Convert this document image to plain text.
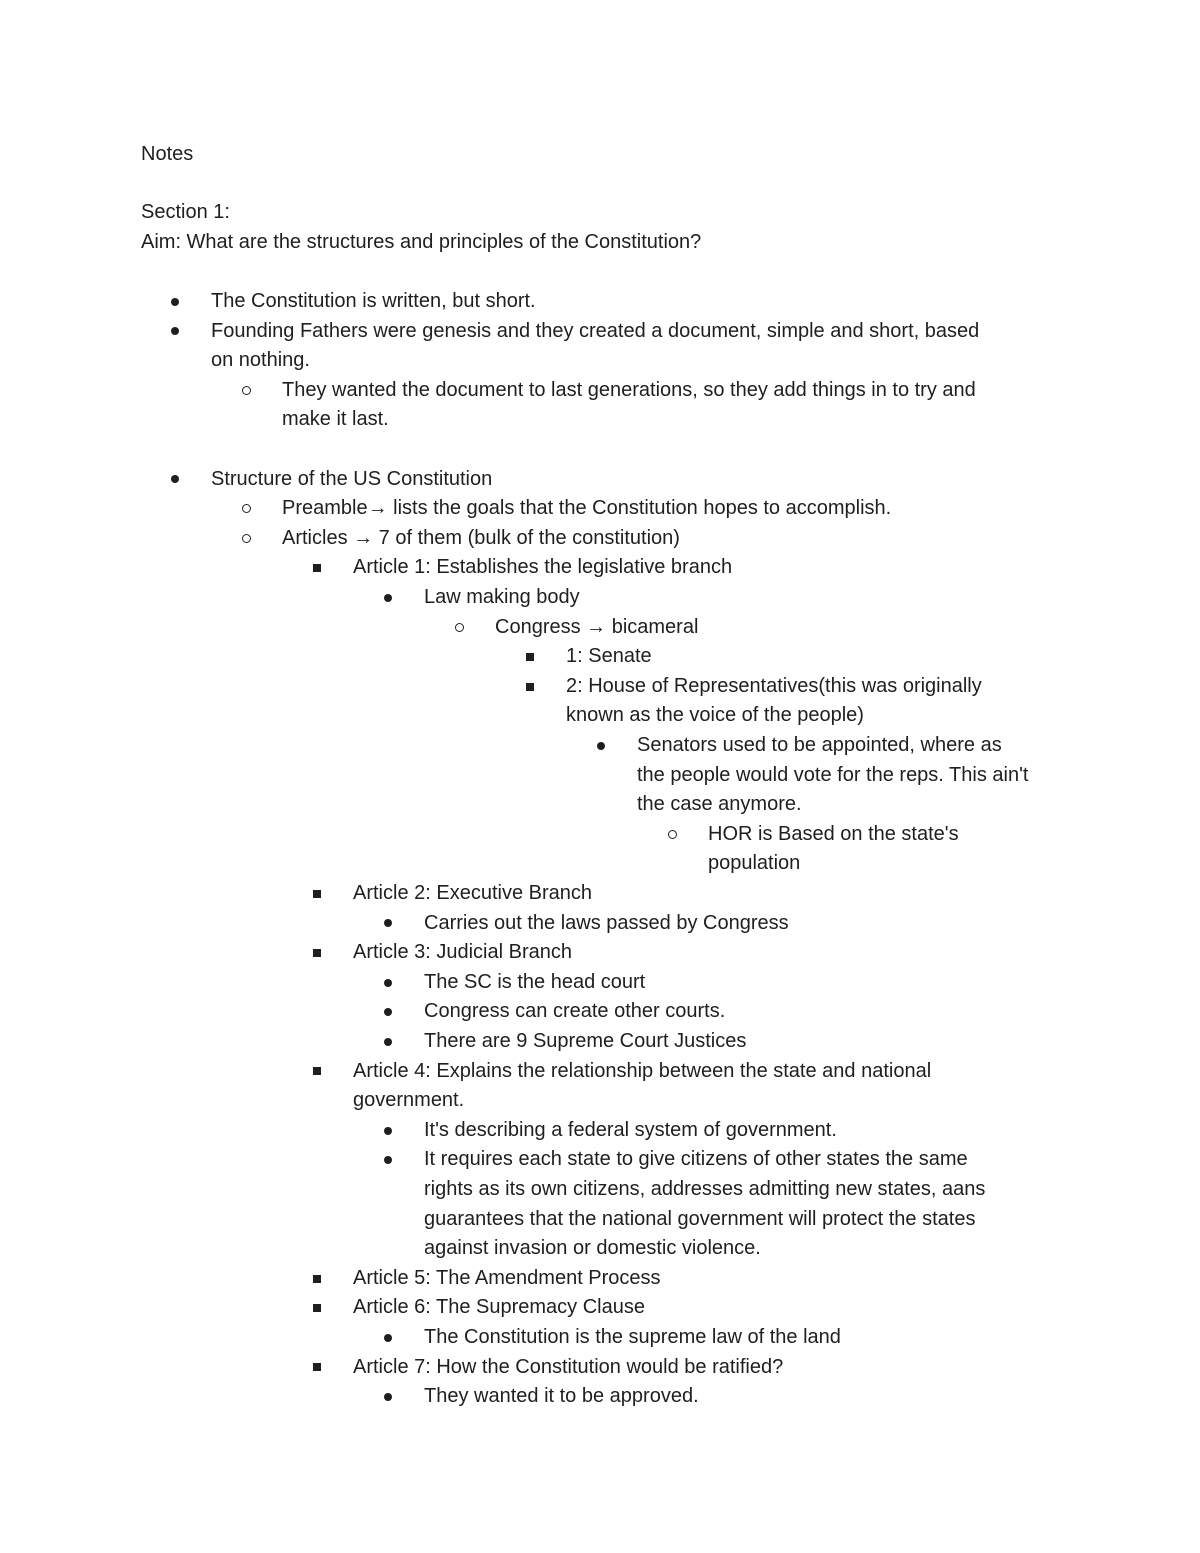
Notes
Section 1:
Aim: What are the structures and principles of the Constitution?
The Constitution is written, but short.
Founding Fathers were genesis and they created a document, simple and short, based
on nothing.
They wanted the document to last generations, so they add things in to try and
make it last.
Structure of the US Constitution
Preamble→ lists the goals that the Constitution hopes to accomplish.
Articles → 7 of them (bulk of the constitution)
Article 1: Establishes the legislative branch
Law making body
Congress → bicameral
1: Senate
2: House of Representatives(this was originally
known as the voice of the people)
Senators used to be appointed, where as
the people would vote for the reps. This ain't
the case anymore.
HOR is Based on the state's
population
Article 2: Executive Branch
Carries out the laws passed by Congress
Article 3: Judicial Branch
The SC is the head court
Congress can create other courts.
There are 9 Supreme Court Justices
Article 4: Explains the relationship between the state and national
government.
It's describing a federal system of government.
It requires each state to give citizens of other states the same
rights as its own citizens, addresses admitting new states, aans
guarantees that the national government will protect the states
against invasion or domestic violence.
Article 5: The Amendment Process
Article 6: The Supremacy Clause
The Constitution is the supreme law of the land
Article 7: How the Constitution would be ratified?
They wanted it to be approved.
